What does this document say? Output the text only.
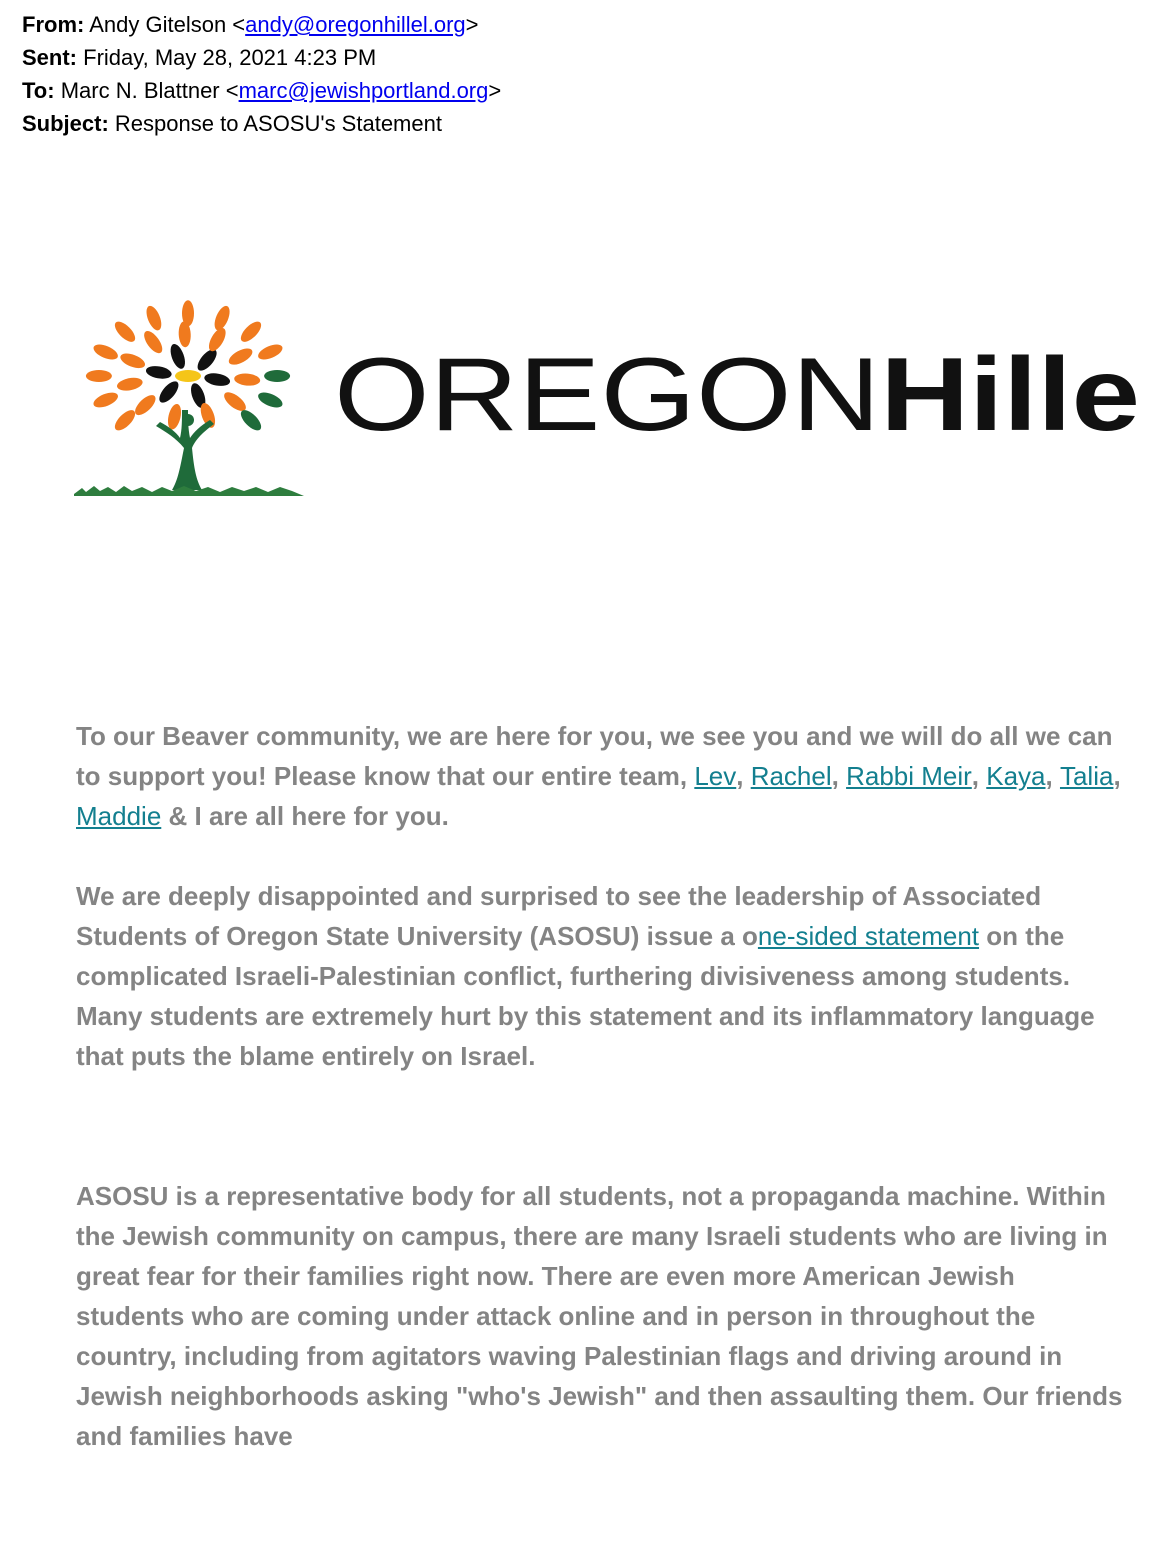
From: Andy Gitelson <andy@oregonhillel.org>
Sent: Friday, May 28, 2021 4:23 PM
To: Marc N. Blattner <marc@jewishportland.org>
Subject: Response to ASOSU's Statement
OREGON Hille
To our Beaver community, we are here for you, we see you and we will do all we can to support you! Please know that our entire team, Lev, Rachel, Rabbi Meir, Kaya, Talia, Maddie & I are all here for you.
We are deeply disappointed and surprised to see the leadership of Associated Students of Oregon State University (ASOSU) issue a one-sided statement on the complicated Israeli-Palestinian conflict, furthering divisiveness among students. Many students are extremely hurt by this statement and its inflammatory language that puts the blame entirely on Israel.
ASOSU is a representative body for all students, not a propaganda machine. Within the Jewish community on campus, there are many Israeli students who are living in great fear for their families right now. There are even more American Jewish students who are coming under attack online and in person in throughout the country, including from agitators waving Palestinian flags and driving around in Jewish neighborhoods asking "who's Jewish" and then assaulting them. Our friends and families have
